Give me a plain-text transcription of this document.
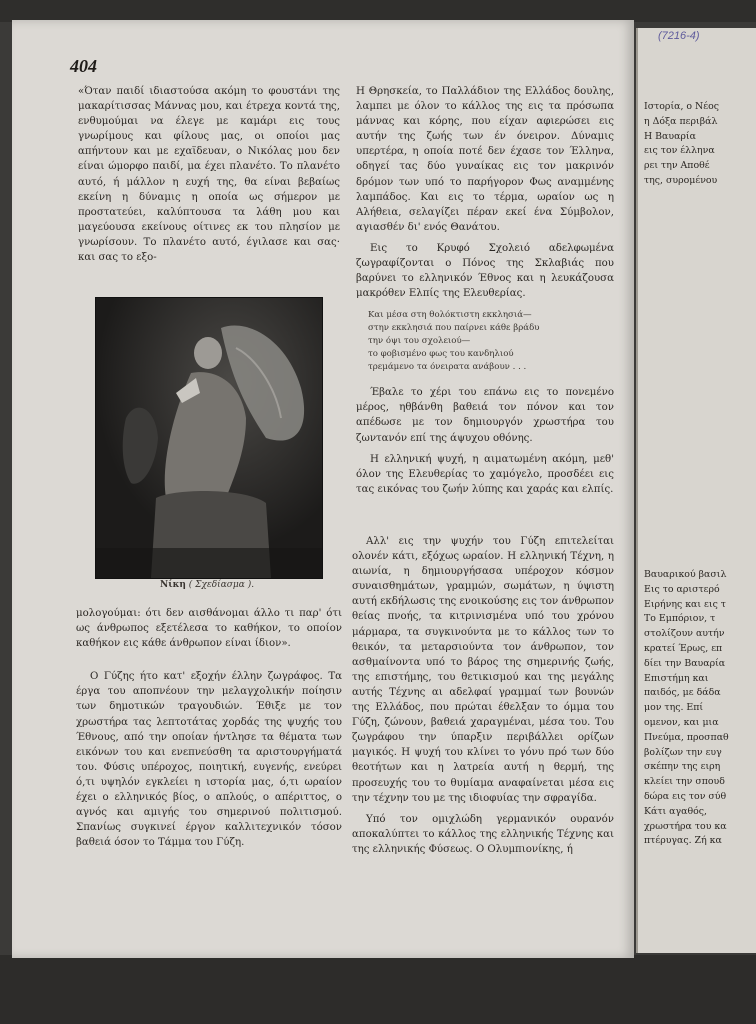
Ιστορία, ο Νέος
η Δόξα περιβάλ
Η Βαυαρία
εις τον έλληνα
ρει την Αποθέ
της, συρομένου
Βαυαρικού βασιλ
Εις το αριστερό
Ειρήνης και εις τ
Το Εμπόριον, τ
στολίζουν αυτήν
κρατεί Έρως, επ
δίει την Βαυαρία
Επιστήμη και
παιδός, με δάδα
μον της. Επί
ομενον, και μια
Πνεύμα, προσπαθ
βολίζων την ευγ
σκέπην της ειρη
κλείει την σπουδ
δώρα εις τον σύθ
Κάτι αγαθός,
χρωστήρα του κα
πτέρυγας. Ζή κα
(7216-4)
404

«Όταν παιδί ιδιαστούσα ακόμη το φουστάνι της μακαρίτισσας Μάννας μου, και έτρεχα κοντά της, ενθυμούμαι να έλεγε με καμάρι εις τους γνωρίμους και φίλους μας, οι οποίοι μας απήντουν και με εχαϊδευαν, ο Νικόλας μου δεν είναι ώμορφο παιδί, μα έχει πλανέτο. Το πλανέτο αυτό, ή μάλλον η ευχή της, θα είναι βεβαίως εκείνη η δύναμις η οποία ως σήμερον με προστατεύει, καλύπτουσα τα λάθη μου και μαγεύουσα εκείνους οίτινες εκ του πλησίον με γνωρίσουν. Το πλανέτο αυτό, έγιλασε και σας· και σας το εξο-

Νίκη ( Σχεδίασμα ).

μολογούμαι: ότι δεν αισθάνομαι άλλο τι παρ' ότι ως άνθρωπος εξετέλεσα το καθήκον, το οποίον καθήκον εις κάθε άνθρωπον είναι ίδιον».

Ο Γύζης ήτο κατ' εξοχήν έλλην ζωγράφος. Τα έργα του αποπνέουν την μελαγχολικήν ποίησιν των δημοτικών τραγουδιών. Έθιξε με τον χρωστήρα τας λεπτοτάτας χορδάς της ψυχής του Έθνους, από την οποίαν ήντλησε τα θέματα των εικόνων του και ενεπνεύσθη τα αριστουργήματά του. Φύσις υπέροχος, ποιητική, ευγενής, ενεύρει ό,τι υψηλόν εγκλείει η ιστορία μας, ό,τι ωραίον έχει ο ελληνικός βίος, ο απλούς, ο απέριττος, ο αγνός και αμιγής του σημερινού πολιτισμού. Σπανίως συγκινεί έργον καλλιτεχνικόν τόσον βαθειά όσον το Τάμμα του Γύζη.

Η Θρησκεία, το Παλλάδιον της Ελλάδος δουλης, λαμπει με όλον το κάλλος της εις τα πρόσωπα μάννας και κόρης, που είχαν αφιερώσει εις αυτήν της ζωής των έν όνειρον. Δύναμις υπερτέρα, η οποία ποτέ δεν έχασε τον Έλληνα, οδηγεί τας δύο γυναίκας εις τον μακρινόν δρόμον των υπό το παρήγορον Φως αναμμένης λαμπάδος. Και εις το τέρμα, ωραίον ως η Αλήθεια, σελαγίζει πέραν εκεί ένα Σύμβολον, αγιασθέν δι' ενός Θανάτου.

Εις το Κρυφό Σχολειό αδελφωμένα ζωγραφίζονται ο Πόνος της Σκλαβιάς που βαρύνει το ελληνικόν Έθνος και η λευκάζουσα μακρόθεν Ελπίς της Ελευθερίας.

Και μέσα στη θολόκτιστη εκκλησιά—
στην εκκλησιά που παίρνει κάθε βράδυ
την όψι του σχολειού—
το φοβισμένο φως του κανδηλιού
τρεμάμενο τα όνειρατα ανάβουν . . .

Έβαλε το χέρι του επάνω εις το πονεμένο μέρος, ηθβάνθη βαθειά τον πόνον και τον απέδωσε με τον δημιουργόν χρωστήρα του ζωντανόν επί της άψυχου οθόνης.

Η ελληνική ψυχή, η αιματωμένη ακόμη, μεθ' όλον της Ελευθερίας το χαμόγελο, προσδέει εις τας εικόνας του ζωήν λύπης και χαράς και ελπίς.

Αλλ' εις την ψυχήν του Γύζη επιτελείται ολονέν κάτι, εξόχως ωραίον. Η ελληνική Τέχνη, η αιωνία, η δημιουργήσασα υπέροχον κόσμον συναισθημάτων, γραμμών, σωμάτων, η ύψιστη αυτή εκδήλωσις της ενοικούσης εις τον άνθρωπον θείας πνοής, τα κιτρινισμένα υπό του χρόνου μάρμαρα, τα συγκινούντα με το κάλλος των το θεικόν, τα μεταρσιούντα τον άνθρωπον, τον ασθμαίνοντα υπό το βάρος της σημερινής ζωής, της επιστήμης, του θετικισμού και της μεγάλης αυτής Τέχνης αι αδελφαί γραμμαί των βουνών της Ελλάδος, που πρώται έθελξαν το όμμα του Γύζη, ζώνουν, βαθειά χαραγμέναι, μέσα του. Του ζωγράφου την ύπαρξιν περιβάλλει ορίζων μαγικός. Η ψυχή του κλίνει το γόνυ πρό των δύο θεοτήτων και η λατρεία αυτή η θερμή, της προσευχής του το θυμίαμα αναφαίνεται μέσα εις την τέχνην του με της ιδιοφυίας την σφραγίδα.

Υπό τον ομιχλώδη γερμανικόν ουρανόν αποκαλύπτει το κάλλος της ελληνικής Τέχνης και της ελληνικής Φύσεως. Ο Ολυμπιονίκης, ή
